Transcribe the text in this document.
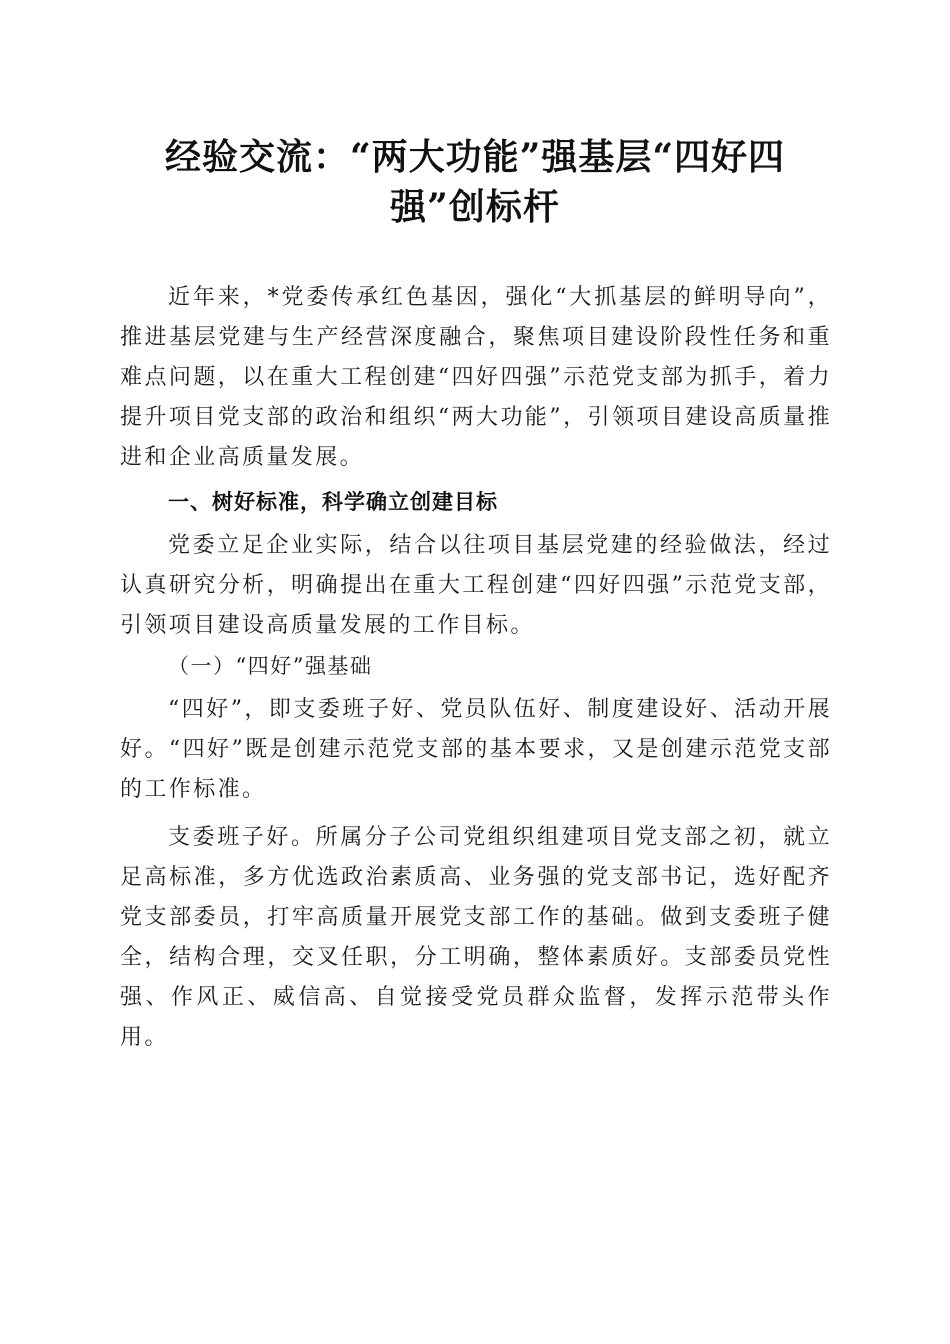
经验交流：“两大功能”强基层“四好四强”创标杆

近年来，*党委传承红色基因，强化“大抓基层的鲜明导向”，推进基层党建与生产经营深度融合，聚焦项目建设阶段性任务和重难点问题，以在重大工程创建“四好四强”示范党支部为抓手，着力提升项目党支部的政治和组织“两大功能”，引领项目建设高质量推进和企业高质量发展。

一、树好标准，科学确立创建目标

党委立足企业实际，结合以往项目基层党建的经验做法，经过认真研究分析，明确提出在重大工程创建“四好四强”示范党支部，引领项目建设高质量发展的工作目标。

（一）“四好”强基础

“四好”，即支委班子好、党员队伍好、制度建设好、活动开展好。“四好”既是创建示范党支部的基本要求，又是创建示范党支部的工作标准。

支委班子好。所属分子公司党组织组建项目党支部之初，就立足高标准，多方优选政治素质高、业务强的党支部书记，选好配齐党支部委员，打牢高质量开展党支部工作的基础。做到支委班子健全，结构合理，交叉任职，分工明确，整体素质好。支部委员党性强、作风正、威信高、自觉接受党员群众监督，发挥示范带头作用。
